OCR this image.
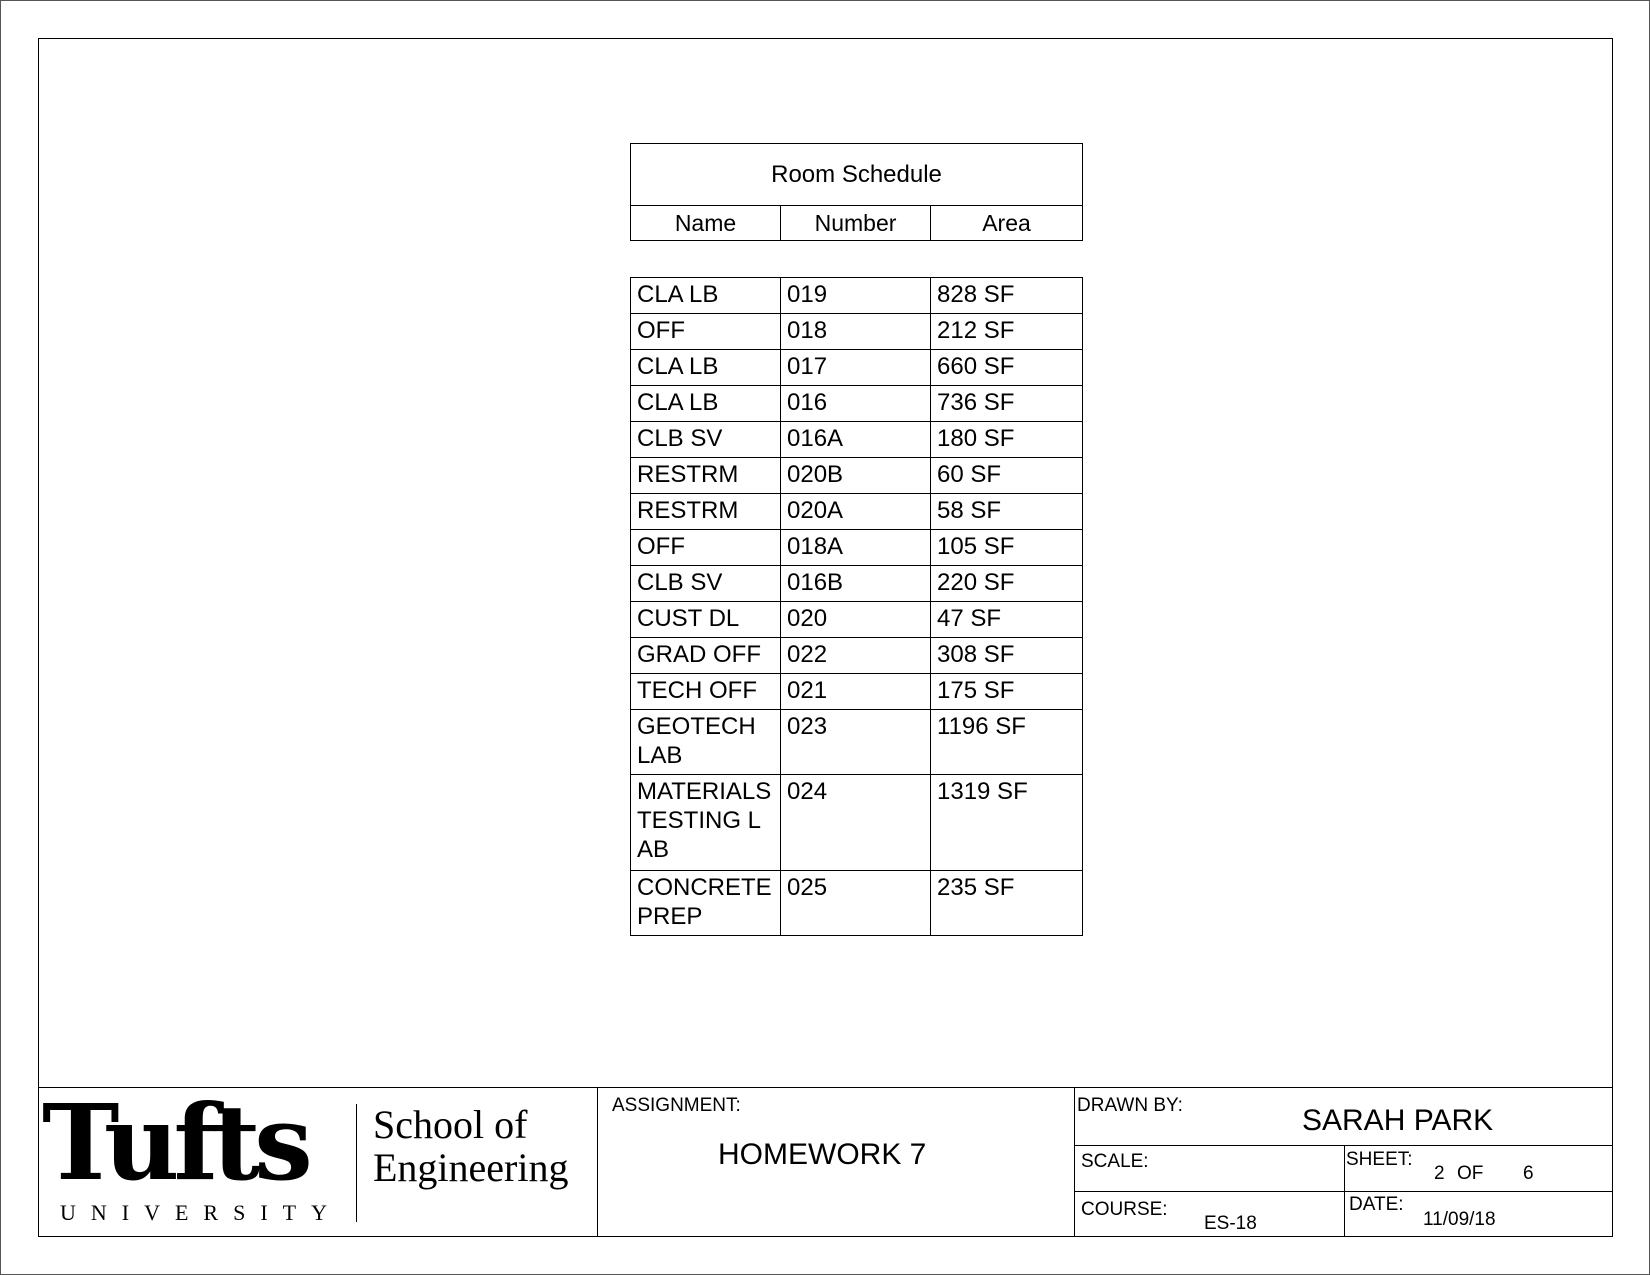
Room Schedule
Name	Number	Area
CLA LB	019	828 SF
OFF	018	212 SF
CLA LB	017	660 SF
CLA LB	016	736 SF
CLB SV	016A	180 SF
RESTRM	020B	60 SF
RESTRM	020A	58 SF
OFF	018A	105 SF
CLB SV	016B	220 SF
CUST DL	020	47 SF
GRAD OFF	022	308 SF
TECH OFF	021	175 SF
GEOTECH LAB	023	1196 SF
MATERIALS TESTING LAB	024	1319 SF
CONCRETE PREP	025	235 SF
Tufts
UNIVERSITY
School of
Engineering
ASSIGNMENT:
HOMEWORK 7
DRAWN BY:	SARAH PARK
SCALE:	SHEET:
2 OF 6
COURSE:
ES-18
DATE:
11/09/18
